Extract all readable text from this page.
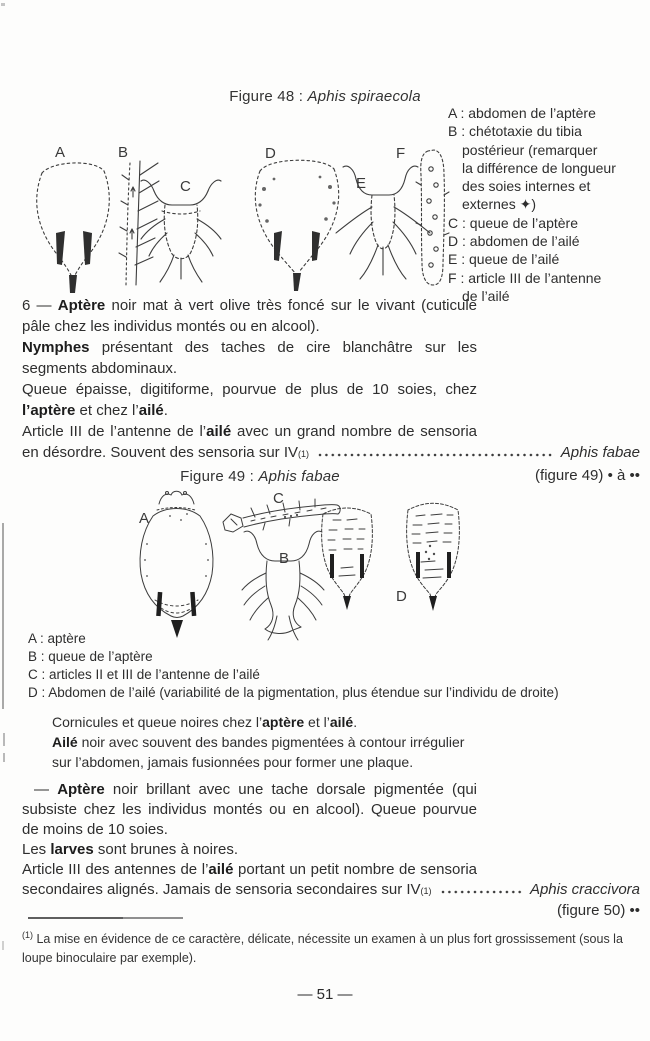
Figure 48 : Aphis spiraecola
A	B
C
D
E
F
A : abdomen de l’aptère
B : chétotaxie du tibia
postérieur (remarquer
la différence de longueur
des soies internes et
externes ✦)
C : queue de l’aptère
D : abdomen de l’ailé
E : queue de l’ailé
F : article III de l’antenne
de l’ailé
6 — Aptère noir mat à vert olive très foncé sur le vivant (cuticule
pâle chez les individus montés ou en alcool).
Nymphes présentant des taches de cire blanchâtre sur les
segments abdominaux.
Queue épaisse, digitiforme, pourvue de plus de 10 soies, chez
l’aptère et chez l’ailé.
Article III de l’antenne de l’ailé avec un grand nombre de sensoria
en désordre. Souvent des sensoria sur IV (1)	Aphis fabae
(figure 49) • à ••
Figure 49 : Aphis fabae
A
C
B
D
A : aptère
B : queue de l’aptère
C : articles II et III de l’antenne de l’ailé
D : Abdomen de l’ailé (variabilité de la pigmentation, plus étendue sur l’individu de droite)
Cornicules et queue noires chez l’aptère et l’ailé.
Ailé noir avec souvent des bandes pigmentées à contour irrégulier
sur l’abdomen, jamais fusionnées pour former une plaque.
— Aptère noir brillant avec une tache dorsale pigmentée (qui
subsiste chez les individus montés ou en alcool). Queue pourvue
de moins de 10 soies.
Les larves sont brunes à noires.
Article III des antennes de l’ailé portant un petit nombre de sensoria
secondaires alignés. Jamais de sensoria secondaires sur IV (1)	Aphis craccivora
(figure 50) ••
$^{(1)}$ La mise en évidence de ce caractère, délicate, nécessite un examen à un plus fort grossissement (sous la loupe binoculaire par exemple).
— 51 —
